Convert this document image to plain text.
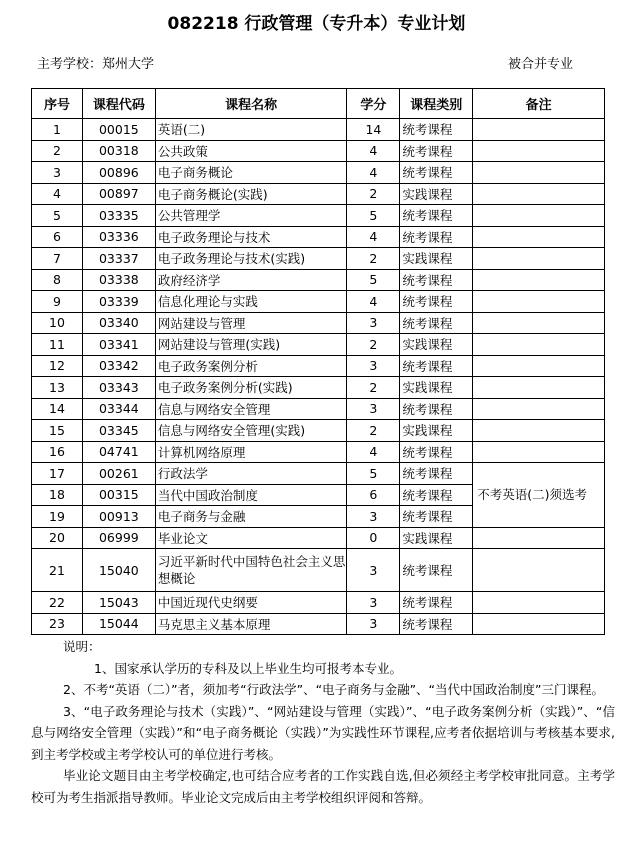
082218 行政管理（专升本）专业计划
主考学校：郑州大学	被合并专业
序号	课程代码	课程名称	学分	课程类别	备注
1	00015	英语(二)	14	统考课程	
2	00318	公共政策	4	统考课程	
3	00896	电子商务概论	4	统考课程	
4	00897	电子商务概论(实践)	2	实践课程	
5	03335	公共管理学	5	统考课程	
6	03336	电子政务理论与技术	4	统考课程	
7	03337	电子政务理论与技术(实践)	2	实践课程	
8	03338	政府经济学	5	统考课程	
9	03339	信息化理论与实践	4	统考课程	
10	03340	网站建设与管理	3	统考课程	
11	03341	网站建设与管理(实践)	2	实践课程	
12	03342	电子政务案例分析	3	统考课程	
13	03343	电子政务案例分析(实践)	2	实践课程	
14	03344	信息与网络安全管理	3	统考课程	
15	03345	信息与网络安全管理(实践)	2	实践课程	
16	04741	计算机网络原理	4	统考课程	
17	00261	行政法学	5	统考课程	不考英语(二)须选考
18	00315	当代中国政治制度	6	统考课程	
19	00913	电子商务与金融	3	统考课程	
20	06999	毕业论文	0	实践课程	
21	15040	习近平新时代中国特色社会主义思想概论	3	统考课程	
22	15043	中国近现代史纲要	3	统考课程	
23	15044	马克思主义基本原理	3	统考课程	

说明：

1、国家承认学历的专科及以上毕业生均可报考本专业。

2、不考“英语（二）”者，须加考“行政法学”、“电子商务与金融”、“当代中国政治制度”三门课程。

3、“电子政务理论与技术（实践）”、“网站建设与管理（实践）”、“电子政务案例分析（实践）”、“信息与网络安全管理（实践）”和“电子商务概论（实践）”为实践性环节课程,应考者依据培训与考核基本要求,到主考学校或主考学校认可的单位进行考核。

毕业论文题目由主考学校确定,也可结合应考者的工作实践自选,但必须经主考学校审批同意。主考学校可为考生指派指导教师。毕业论文完成后由主考学校组织评阅和答辩。
